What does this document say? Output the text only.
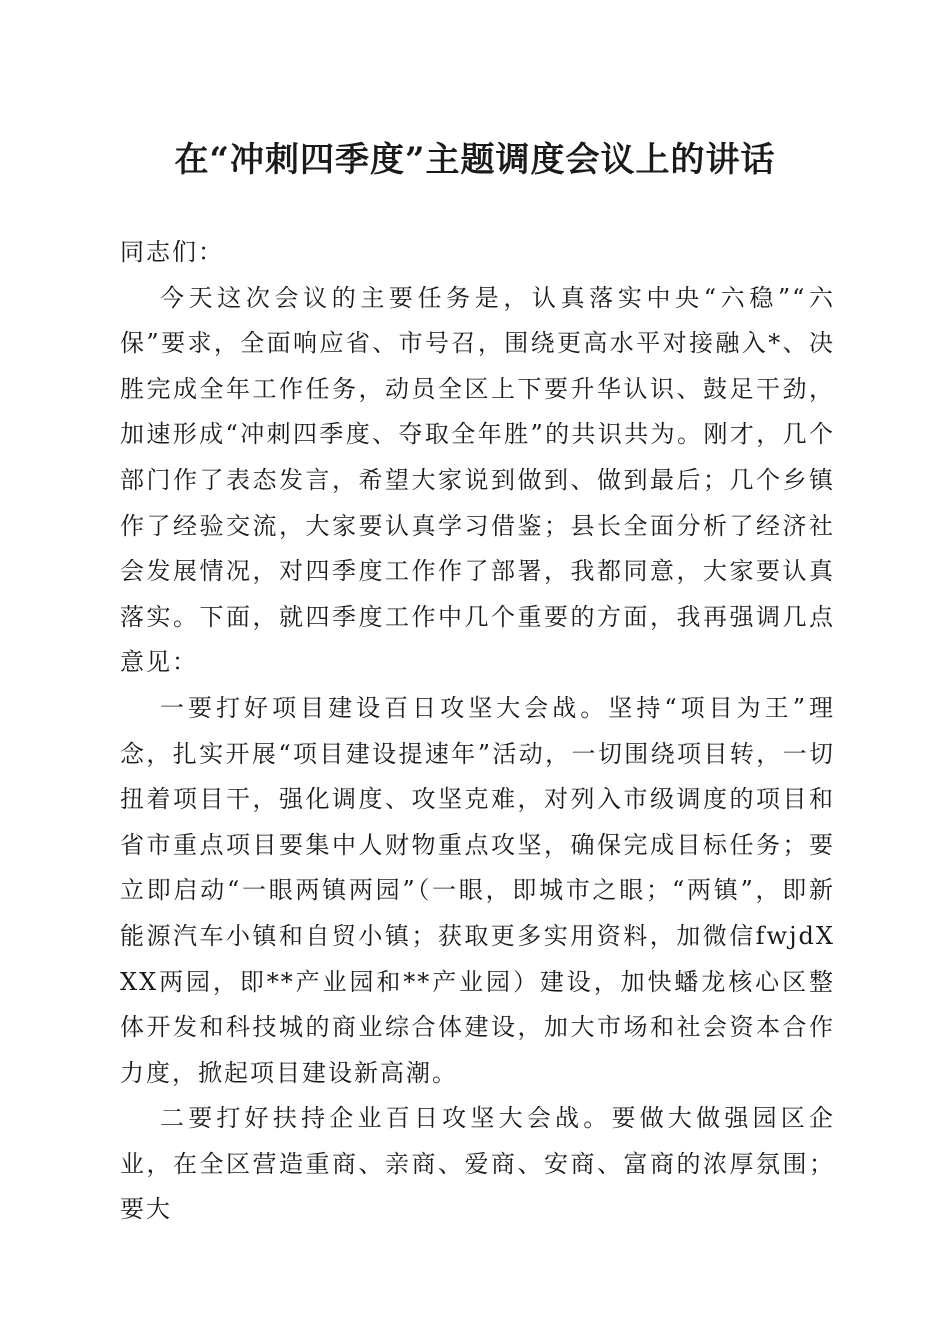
在“冲刺四季度”主题调度会议上的讲话

同志们：

今天这次会议的主要任务是，认真落实中央“六稳”“六保”要求，全面响应省、市号召，围绕更高水平对接融入*、决胜完成全年工作任务，动员全区上下要升华认识、鼓足干劲，加速形成“冲刺四季度、夺取全年胜”的共识共为。刚才，几个部门作了表态发言，希望大家说到做到、做到最后；几个乡镇作了经验交流，大家要认真学习借鉴；县长全面分析了经济社会发展情况，对四季度工作作了部署，我都同意，大家要认真落实。下面，就四季度工作中几个重要的方面，我再强调几点意见：

一要打好项目建设百日攻坚大会战。坚持“项目为王”理念，扎实开展“项目建设提速年”活动，一切围绕项目转，一切扭着项目干，强化调度、攻坚克难，对列入市级调度的项目和省市重点项目要集中人财物重点攻坚，确保完成目标任务；要立即启动“一眼两镇两园”（一眼，即城市之眼；“两镇”，即新能源汽车小镇和自贸小镇；获取更多实用资料，加微信fwjdXXX两园，即**产业园和**产业园）建设，加快蟠龙核心区整体开发和科技城的商业综合体建设，加大市场和社会资本合作力度，掀起项目建设新高潮。

二要打好扶持企业百日攻坚大会战。要做大做强园区企业，在全区营造重商、亲商、爱商、安商、富商的浓厚氛围；要大
